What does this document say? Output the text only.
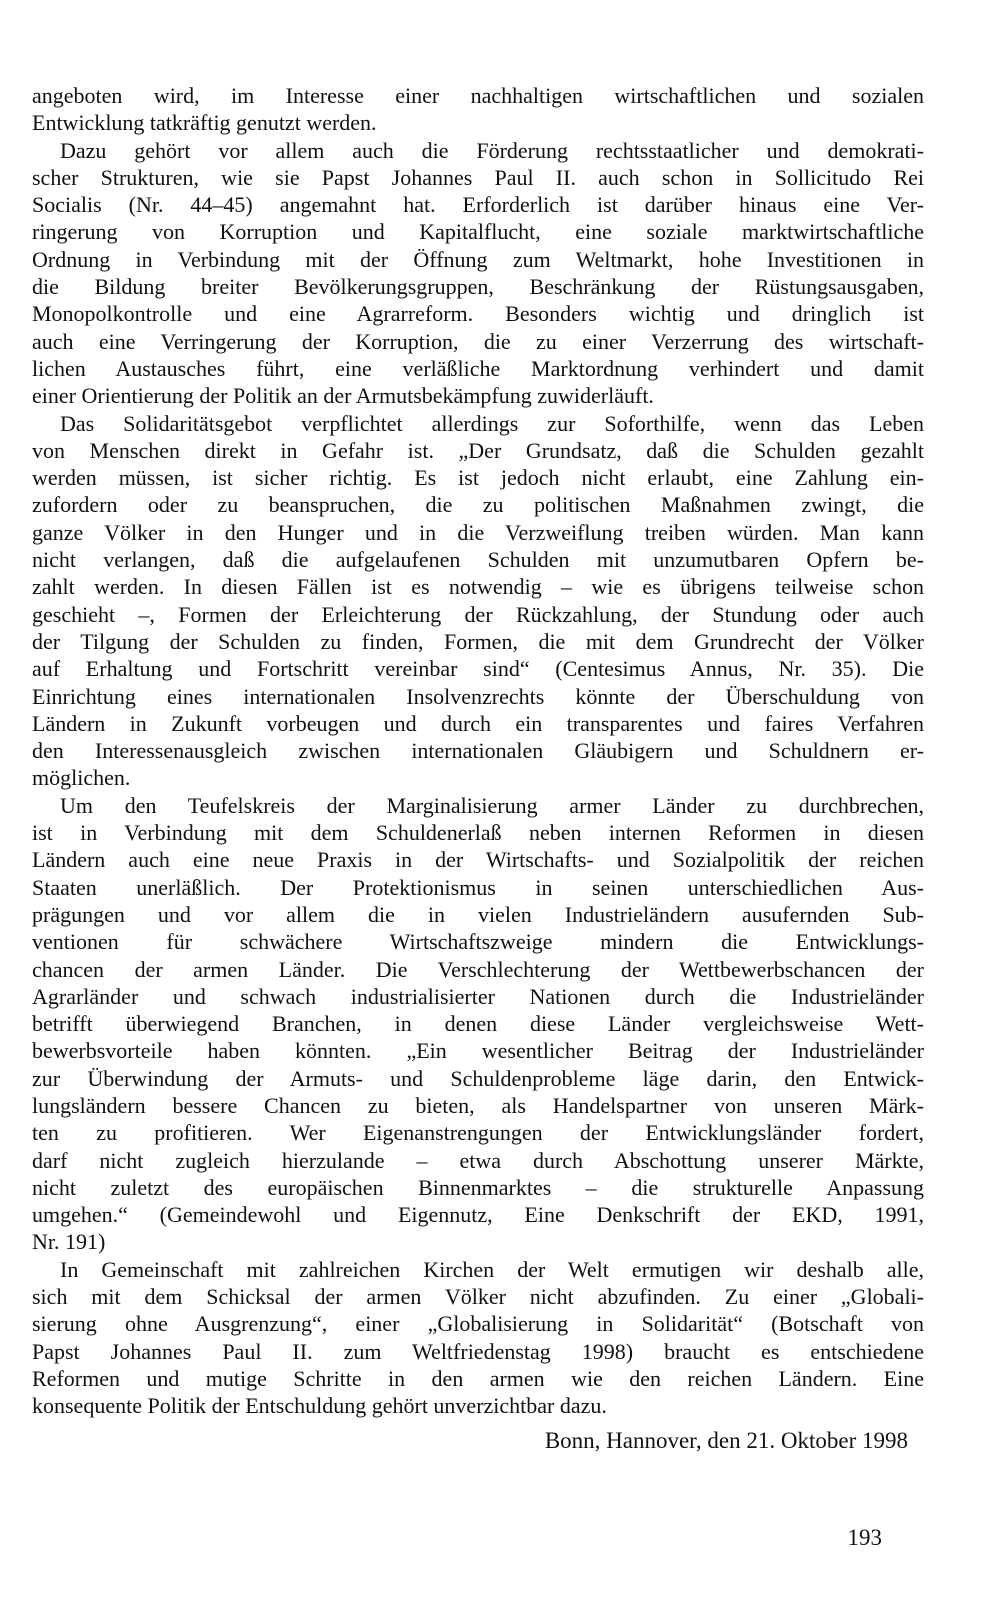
angeboten wird, im Interesse einer nachhaltigen wirtschaftlichen und sozialen
Entwicklung tatkräftig genutzt werden.
Dazu gehört vor allem auch die Förderung rechtsstaatlicher und demokrati-
scher Strukturen, wie sie Papst Johannes Paul II. auch schon in Sollicitudo Rei
Socialis (Nr. 44–45) angemahnt hat. Erforderlich ist darüber hinaus eine Ver-
ringerung von Korruption und Kapitalflucht, eine soziale marktwirtschaftliche
Ordnung in Verbindung mit der Öffnung zum Weltmarkt, hohe Investitionen in
die Bildung breiter Bevölkerungsgruppen, Beschränkung der Rüstungsausgaben,
Monopolkontrolle und eine Agrarreform. Besonders wichtig und dringlich ist
auch eine Verringerung der Korruption, die zu einer Verzerrung des wirtschaft-
lichen Austausches führt, eine verläßliche Marktordnung verhindert und damit
einer Orientierung der Politik an der Armutsbekämpfung zuwiderläuft.
Das Solidaritätsgebot verpflichtet allerdings zur Soforthilfe, wenn das Leben
von Menschen direkt in Gefahr ist. „Der Grundsatz, daß die Schulden gezahlt
werden müssen, ist sicher richtig. Es ist jedoch nicht erlaubt, eine Zahlung ein-
zufordern oder zu beanspruchen, die zu politischen Maßnahmen zwingt, die
ganze Völker in den Hunger und in die Verzweiflung treiben würden. Man kann
nicht verlangen, daß die aufgelaufenen Schulden mit unzumutbaren Opfern be-
zahlt werden. In diesen Fällen ist es notwendig – wie es übrigens teilweise schon
geschieht –, Formen der Erleichterung der Rückzahlung, der Stundung oder auch
der Tilgung der Schulden zu finden, Formen, die mit dem Grundrecht der Völker
auf Erhaltung und Fortschritt vereinbar sind“ (Centesimus Annus, Nr. 35). Die
Einrichtung eines internationalen Insolvenzrechts könnte der Überschuldung von
Ländern in Zukunft vorbeugen und durch ein transparentes und faires Verfahren
den Interessenausgleich zwischen internationalen Gläubigern und Schuldnern er-
möglichen.
Um den Teufelskreis der Marginalisierung armer Länder zu durchbrechen,
ist in Verbindung mit dem Schuldenerlaß neben internen Reformen in diesen
Ländern auch eine neue Praxis in der Wirtschafts- und Sozialpolitik der reichen
Staaten unerläßlich. Der Protektionismus in seinen unterschiedlichen Aus-
prägungen und vor allem die in vielen Industrieländern ausufernden Sub-
ventionen für schwächere Wirtschaftszweige mindern die Entwicklungs-
chancen der armen Länder. Die Verschlechterung der Wettbewerbschancen der
Agrarländer und schwach industrialisierter Nationen durch die Industrieländer
betrifft überwiegend Branchen, in denen diese Länder vergleichsweise Wett-
bewerbsvorteile haben könnten. „Ein wesentlicher Beitrag der Industrieländer
zur Überwindung der Armuts- und Schuldenprobleme läge darin, den Entwick-
lungsländern bessere Chancen zu bieten, als Handelspartner von unseren Märk-
ten zu profitieren. Wer Eigenanstrengungen der Entwicklungsländer fordert,
darf nicht zugleich hierzulande – etwa durch Abschottung unserer Märkte,
nicht zuletzt des europäischen Binnenmarktes – die strukturelle Anpassung
umgehen.“ (Gemeindewohl und Eigennutz, Eine Denkschrift der EKD, 1991,
Nr. 191)
In Gemeinschaft mit zahlreichen Kirchen der Welt ermutigen wir deshalb alle,
sich mit dem Schicksal der armen Völker nicht abzufinden. Zu einer „Globali-
sierung ohne Ausgrenzung“, einer „Globalisierung in Solidarität“ (Botschaft von
Papst Johannes Paul II. zum Weltfriedenstag 1998) braucht es entschiedene
Reformen und mutige Schritte in den armen wie den reichen Ländern. Eine
konsequente Politik der Entschuldung gehört unverzichtbar dazu.
Bonn, Hannover, den 21. Oktober 1998
193
